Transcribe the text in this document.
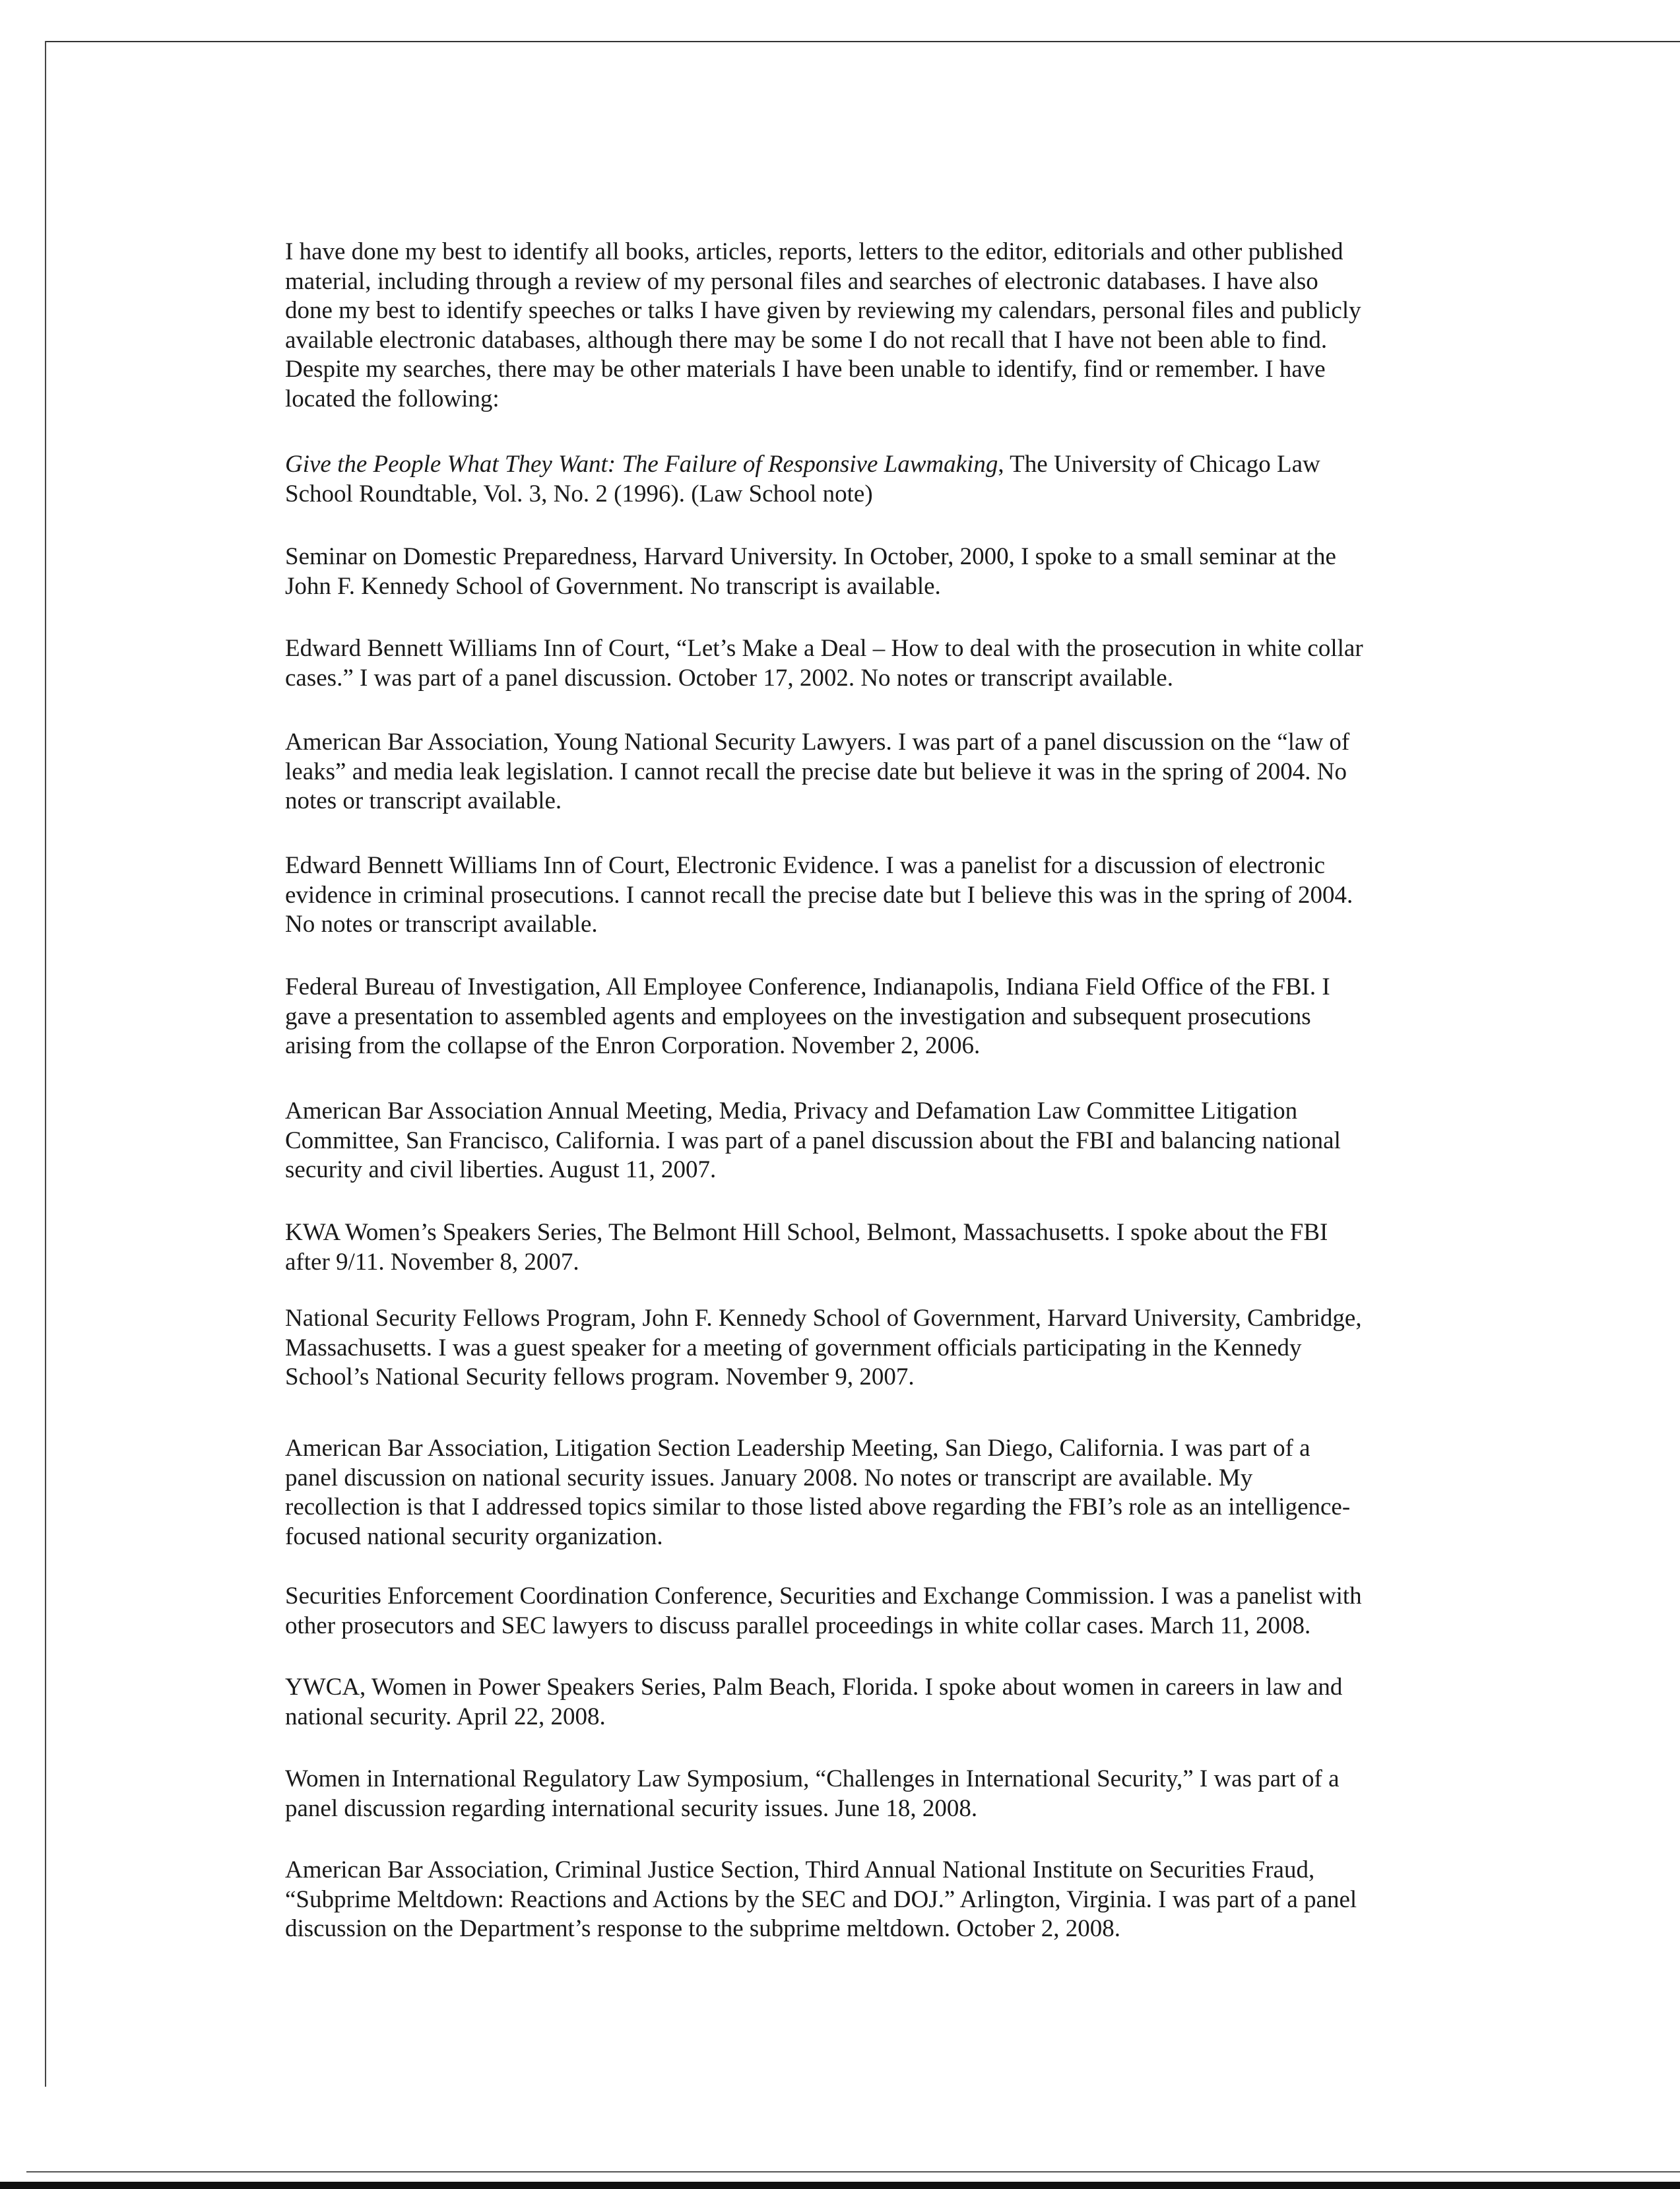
I have done my best to identify all books, articles, reports, letters to the editor, editorials and other published
material, including through a review of my personal files and searches of electronic databases. I have also
done my best to identify speeches or talks I have given by reviewing my calendars, personal files and publicly
available electronic databases, although there may be some I do not recall that I have not been able to find.
Despite my searches, there may be other materials I have been unable to identify, find or remember. I have
located the following:
Give the People What They Want: The Failure of Responsive Lawmaking, The University of Chicago Law
School Roundtable, Vol. 3, No. 2 (1996). (Law School note)
Seminar on Domestic Preparedness, Harvard University. In October, 2000, I spoke to a small seminar at the
John F. Kennedy School of Government. No transcript is available.
Edward Bennett Williams Inn of Court, “Let’s Make a Deal – How to deal with the prosecution in white collar
cases.” I was part of a panel discussion. October 17, 2002. No notes or transcript available.
American Bar Association, Young National Security Lawyers. I was part of a panel discussion on the “law of
leaks” and media leak legislation. I cannot recall the precise date but believe it was in the spring of 2004. No
notes or transcript available.
Edward Bennett Williams Inn of Court, Electronic Evidence. I was a panelist for a discussion of electronic
evidence in criminal prosecutions. I cannot recall the precise date but I believe this was in the spring of 2004.
No notes or transcript available.
Federal Bureau of Investigation, All Employee Conference, Indianapolis, Indiana Field Office of the FBI. I
gave a presentation to assembled agents and employees on the investigation and subsequent prosecutions
arising from the collapse of the Enron Corporation. November 2, 2006.
American Bar Association Annual Meeting, Media, Privacy and Defamation Law Committee Litigation
Committee, San Francisco, California. I was part of a panel discussion about the FBI and balancing national
security and civil liberties. August 11, 2007.
KWA Women’s Speakers Series, The Belmont Hill School, Belmont, Massachusetts. I spoke about the FBI
after 9/11. November 8, 2007.
National Security Fellows Program, John F. Kennedy School of Government, Harvard University, Cambridge,
Massachusetts. I was a guest speaker for a meeting of government officials participating in the Kennedy
School’s National Security fellows program. November 9, 2007.
American Bar Association, Litigation Section Leadership Meeting, San Diego, California. I was part of a
panel discussion on national security issues. January 2008. No notes or transcript are available. My
recollection is that I addressed topics similar to those listed above regarding the FBI’s role as an intelligence-
focused national security organization.
Securities Enforcement Coordination Conference, Securities and Exchange Commission. I was a panelist with
other prosecutors and SEC lawyers to discuss parallel proceedings in white collar cases. March 11, 2008.
YWCA, Women in Power Speakers Series, Palm Beach, Florida. I spoke about women in careers in law and
national security. April 22, 2008.
Women in International Regulatory Law Symposium, “Challenges in International Security,” I was part of a
panel discussion regarding international security issues. June 18, 2008.
American Bar Association, Criminal Justice Section, Third Annual National Institute on Securities Fraud,
“Subprime Meltdown: Reactions and Actions by the SEC and DOJ.” Arlington, Virginia. I was part of a panel
discussion on the Department’s response to the subprime meltdown. October 2, 2008.
